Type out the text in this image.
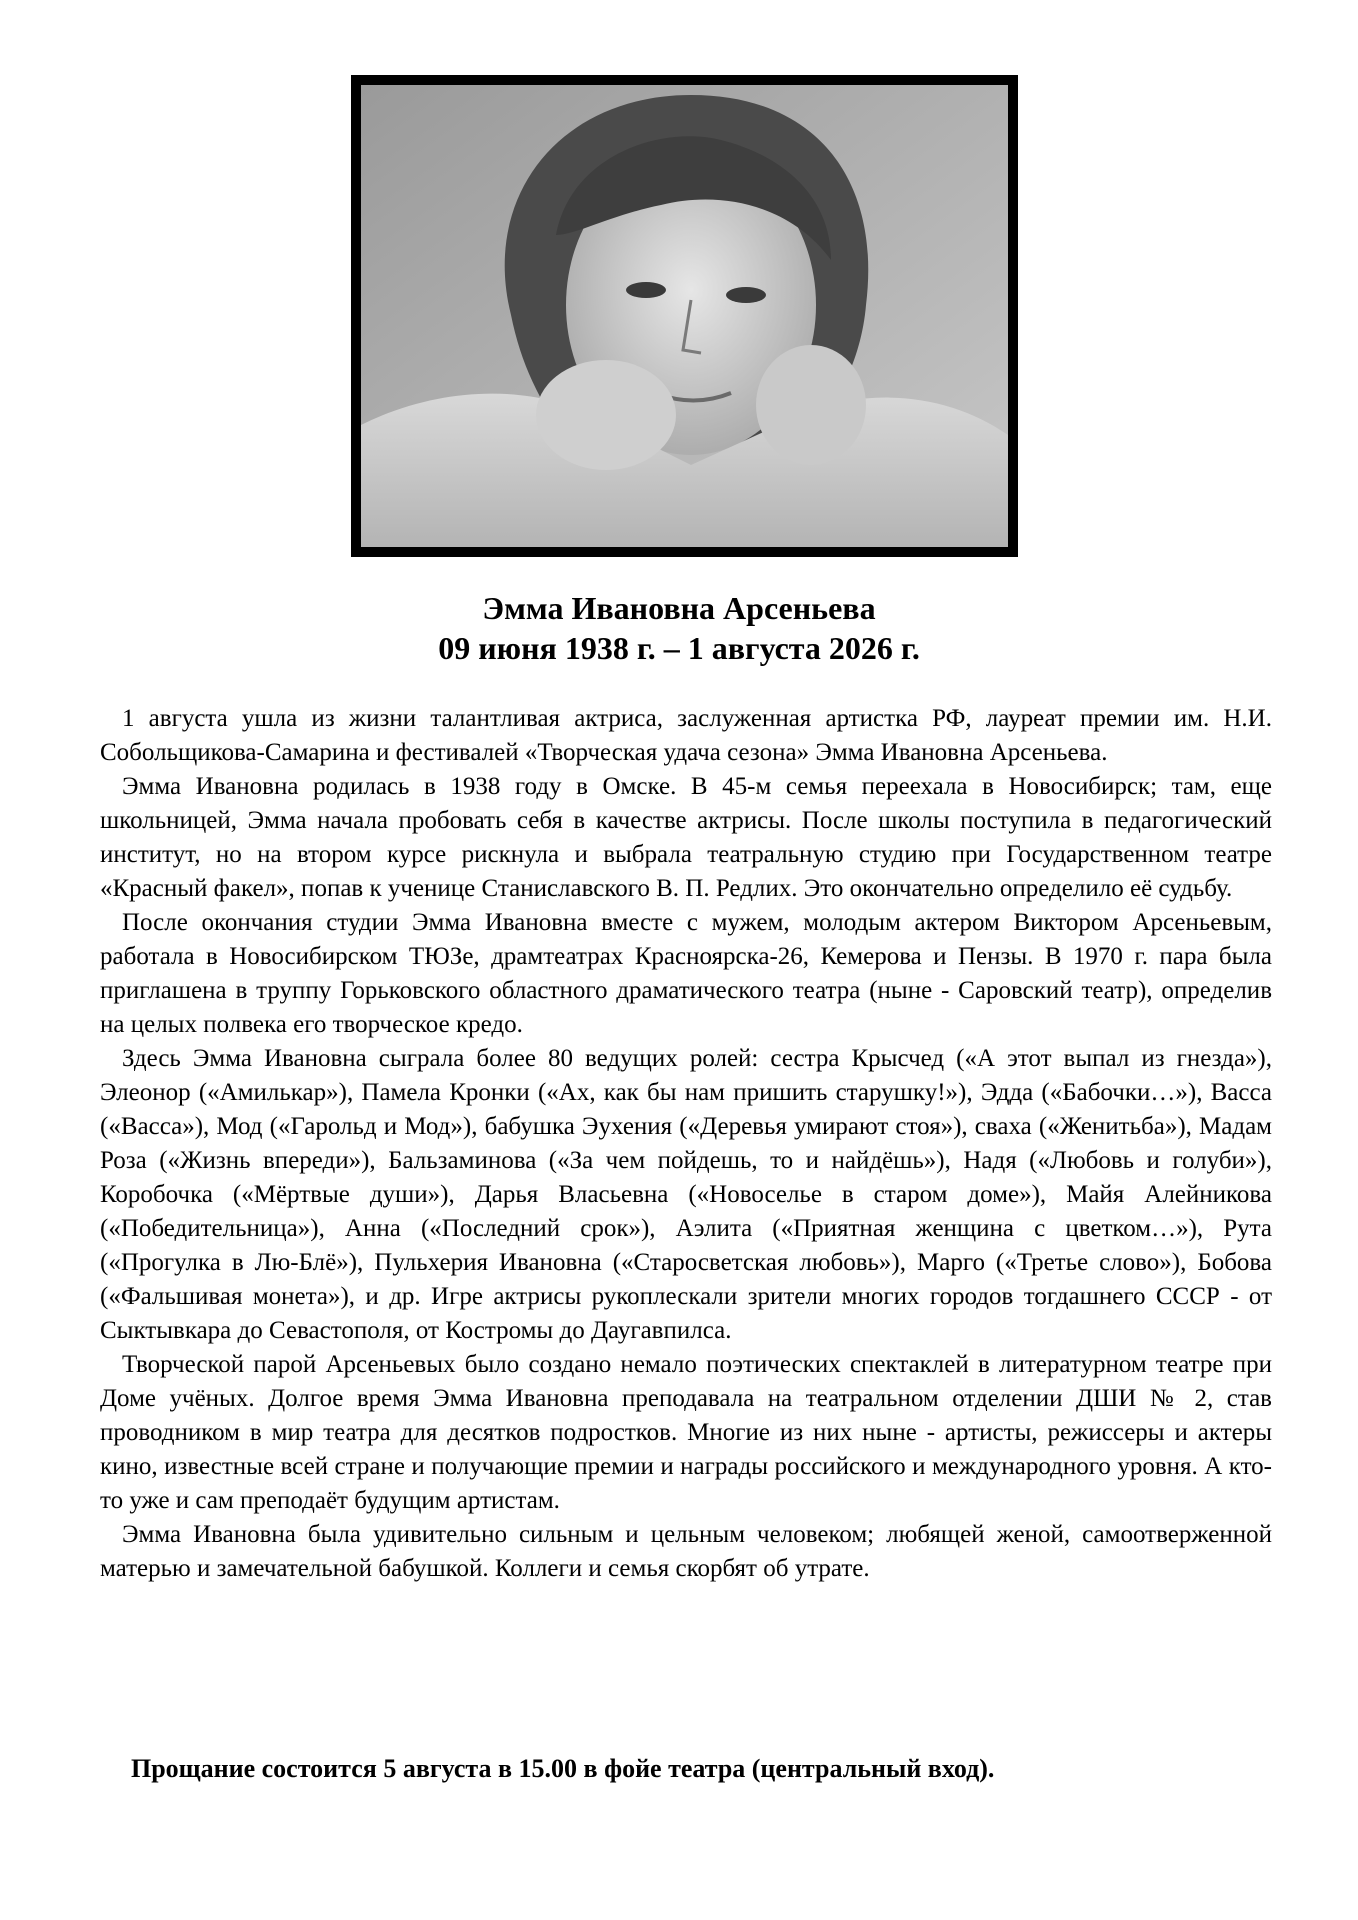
Эмма Ивановна Арсеньева
09 июня 1938 г. – 1 августа 2026 г.

1 августа ушла из жизни талантливая актриса, заслуженная артистка РФ, лауреат премии им. Н.И. Собольщикова-Самарина и фестивалей «Творческая удача сезона» Эмма Ивановна Арсеньева.

Эмма Ивановна родилась в 1938 году в Омске. В 45-м семья переехала в Новосибирск; там, еще школьницей, Эмма начала пробовать себя в качестве актрисы. После школы поступила в педагогический институт, но на втором курсе рискнула и выбрала театральную студию при Государственном театре «Красный факел», попав к ученице Станиславского В. П. Редлих. Это окончательно определило её судьбу.

После окончания студии Эмма Ивановна вместе с мужем, молодым актером Виктором Арсеньевым, работала в Новосибирском ТЮЗе, драмтеатрах Красноярска-26, Кемерова и Пензы. В 1970 г. пара была приглашена в труппу Горьковского областного драматического театра (ныне - Саровский театр), определив на целых полвека его творческое кредо.

Здесь Эмма Ивановна сыграла более 80 ведущих ролей: сестра Крысчед («А этот выпал из гнезда»), Элеонор («Амилькар»), Памела Кронки («Ах, как бы нам пришить старушку!»), Эдда («Бабочки…»), Васса («Васса»), Мод («Гарольд и Мод»), бабушка Эухения («Деревья умирают стоя»), сваха («Женитьба»), Мадам Роза («Жизнь впереди»), Бальзаминова («За чем пойдешь, то и найдёшь»), Надя («Любовь и голуби»), Коробочка («Мёртвые души»), Дарья Власьевна («Новоселье в старом доме»), Майя Алейникова («Победительница»), Анна («Последний срок»), Аэлита («Приятная женщина с цветком…»), Рута («Прогулка в Лю-Блё»), Пульхерия Ивановна («Старосветская любовь»), Марго («Третье слово»), Бобова («Фальшивая монета»), и др. Игре актрисы рукоплескали зрители многих городов тогдашнего СССР - от Сыктывкара до Севастополя, от Костромы до Даугавпилса.

Творческой парой Арсеньевых было создано немало поэтических спектаклей в литературном театре при Доме учёных. Долгое время Эмма Ивановна преподавала на театральном отделении ДШИ № 2, став проводником в мир театра для десятков подростков. Многие из них ныне - артисты, режиссеры и актеры кино, известные всей стране и получающие премии и награды российского и международного уровня. А кто-то уже и сам преподаёт будущим артистам.

Эмма Ивановна была удивительно сильным и цельным человеком; любящей женой, самоотверженной матерью и замечательной бабушкой. Коллеги и семья скорбят об утрате.

Прощание состоится 5 августа в 15.00 в фойе театра (центральный вход).
